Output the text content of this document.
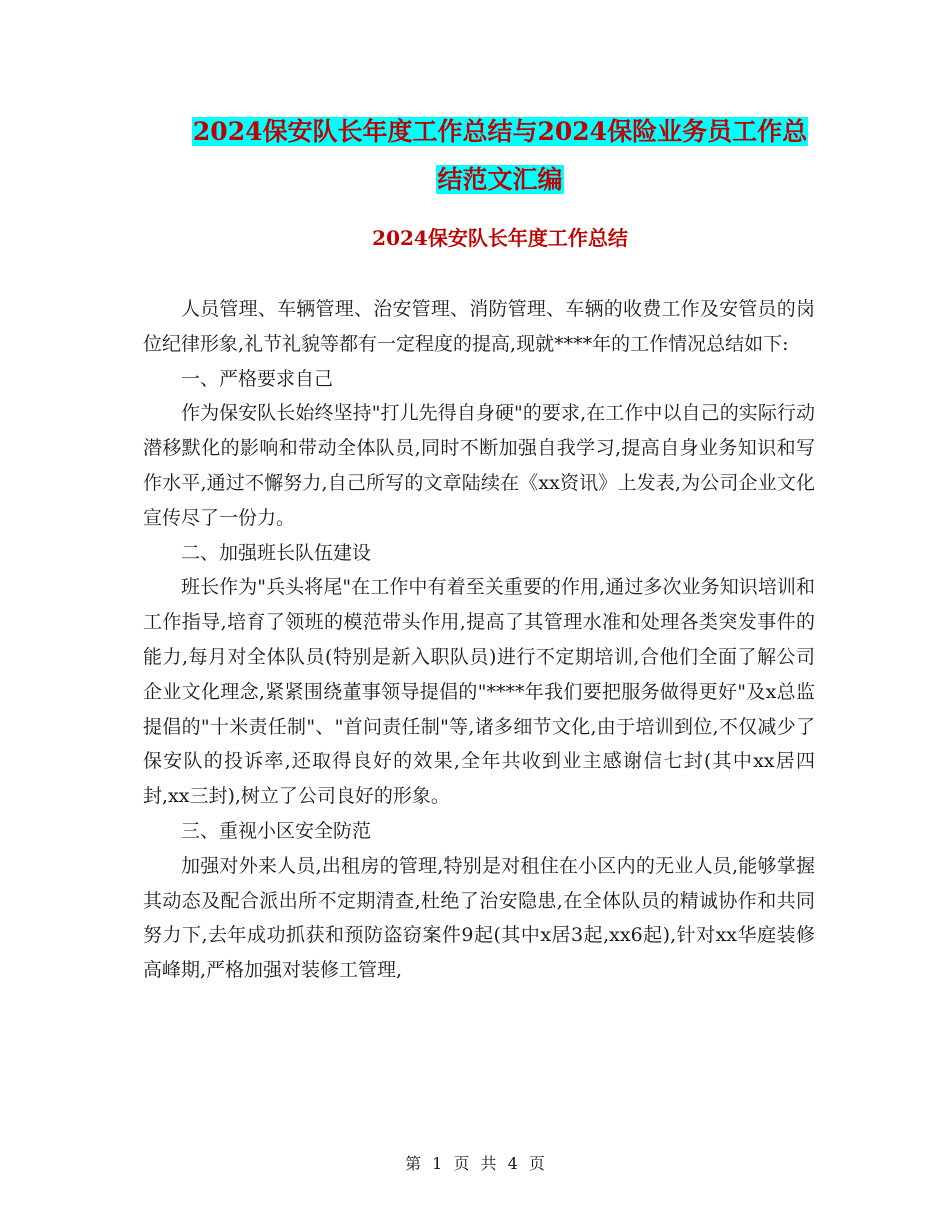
2024保安队长年度工作总结与2024保险业务员工作总
结范文汇编
2024保安队长年度工作总结

人员管理、车辆管理、治安管理、消防管理、车辆的收费工作及安管员的岗位纪律形象,礼节礼貌等都有一定程度的提高,现就****年的工作情况总结如下:

一、严格要求自己

作为保安队长始终坚持"打儿先得自身硬"的要求,在工作中以自己的实际行动潜移默化的影响和带动全体队员,同时不断加强自我学习,提高自身业务知识和写作水平,通过不懈努力,自己所写的文章陆续在《xx资讯》上发表,为公司企业文化宣传尽了一份力。

二、加强班长队伍建设

班长作为"兵头将尾"在工作中有着至关重要的作用,通过多次业务知识培训和工作指导,培育了领班的模范带头作用,提高了其管理水准和处理各类突发事件的能力,每月对全体队员(特别是新入职队员)进行不定期培训,合他们全面了解公司企业文化理念,紧紧围绕董事领导提倡的"****年我们要把服务做得更好"及x总监提倡的"十米责任制"、"首问责任制"等,诸多细节文化,由于培训到位,不仅减少了保安队的投诉率,还取得良好的效果,全年共收到业主感谢信七封(其中xx居四封,xx三封),树立了公司良好的形象。

三、重视小区安全防范

加强对外来人员,出租房的管理,特别是对租住在小区内的无业人员,能够掌握其动态及配合派出所不定期清查,杜绝了治安隐患,在全体队员的精诚协作和共同努力下,去年成功抓获和预防盗窃案件9起(其中x居3起,xx6起),针对xx华庭装修高峰期,严格加强对装修工管理,

第 1 页 共 4 页
